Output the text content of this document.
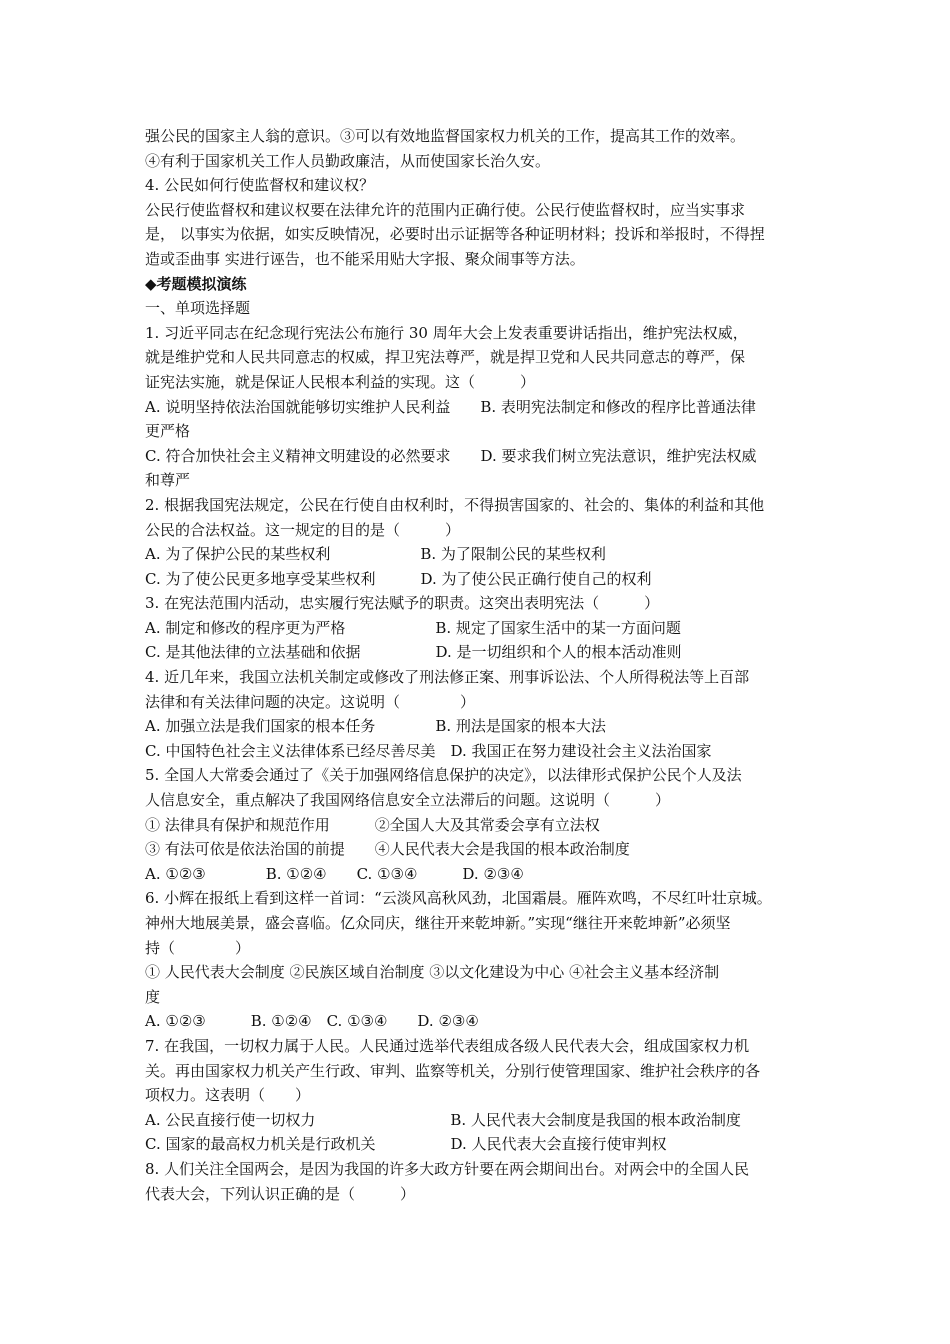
强公民的国家主人翁的意识。③可以有效地监督国家权力机关的工作，提高其工作的效率。

④有利于国家机关工作人员勤政廉洁，从而使国家长治久安。

4. 公民如何行使监督权和建议权？

公民行使监督权和建议权要在法律允许的范围内正确行使。公民行使监督权时，应当实事求

是， 以事实为依据，如实反映情况，必要时出示证据等各种证明材料；投诉和举报时，不得捏

造或歪曲事 实进行诬告，也不能采用贴大字报、聚众闹事等方法。

◆考题模拟演练

一、单项选择题

1. 习近平同志在纪念现行宪法公布施行 30 周年大会上发表重要讲话指出，维护宪法权威，

就是维护党和人民共同意志的权威，捍卫宪法尊严，就是捍卫党和人民共同意志的尊严，保

证宪法实施，就是保证人民根本利益的实现。这（　　　）

A. 说明坚持依法治国就能够切实维护人民利益　　B. 表明宪法制定和修改的程序比普通法律

更严格

C. 符合加快社会主义精神文明建设的必然要求　　D. 要求我们树立宪法意识，维护宪法权威

和尊严

2. 根据我国宪法规定，公民在行使自由权利时，不得损害国家的、社会的、集体的利益和其他

公民的合法权益。这一规定的目的是（　　　）

A. 为了保护公民的某些权利　　　　　　B. 为了限制公民的某些权利

C. 为了使公民更多地享受某些权利　　　D. 为了使公民正确行使自己的权利

3. 在宪法范围内活动，忠实履行宪法赋予的职责。这突出表明宪法（　　　）

A. 制定和修改的程序更为严格　　　　　　B. 规定了国家生活中的某一方面问题

C. 是其他法律的立法基础和依据　　　　　D. 是一切组织和个人的根本活动准则

4. 近几年来，我国立法机关制定或修改了刑法修正案、刑事诉讼法、个人所得税法等上百部

法律和有关法律问题的决定。这说明（　　　　）

A. 加强立法是我们国家的根本任务　　　　B. 刑法是国家的根本大法

C. 中国特色社会主义法律体系已经尽善尽美　D. 我国正在努力建设社会主义法治国家

5. 全国人大常委会通过了《关于加强网络信息保护的决定》，以法律形式保护公民个人及法

人信息安全，重点解决了我国网络信息安全立法滞后的问题。这说明（　　　）

① 法律具有保护和规范作用　　　②全国人大及其常委会享有立法权

③ 有法可依是依法治国的前提　　④人民代表大会是我国的根本政治制度

A. ①②③　　　　B. ①②④　　C. ①③④　　　D. ②③④

6. 小辉在报纸上看到这样一首词：“云淡风高秋风劲，北国霜晨。雁阵欢鸣，不尽红叶壮京城。

神州大地展美景，盛会喜临。亿众同庆，继往开来乾坤新。”实现“继往开来乾坤新”必须坚

持（　　　　）

① 人民代表大会制度 ②民族区域自治制度 ③以文化建设为中心 ④社会主义基本经济制

度

A. ①②③　　　B. ①②④　C. ①③④　　D. ②③④

7. 在我国，一切权力属于人民。人民通过选举代表组成各级人民代表大会，组成国家权力机

关。再由国家权力机关产生行政、审判、监察等机关，分别行使管理国家、维护社会秩序的各

项权力。这表明（　　）

A. 公民直接行使一切权力　　　　　　　　　B. 人民代表大会制度是我国的根本政治制度

C. 国家的最高权力机关是行政机关　　　　　D. 人民代表大会直接行使审判权

8. 人们关注全国两会，是因为我国的许多大政方针要在两会期间出台。对两会中的全国人民

代表大会，下列认识正确的是（　　　）
